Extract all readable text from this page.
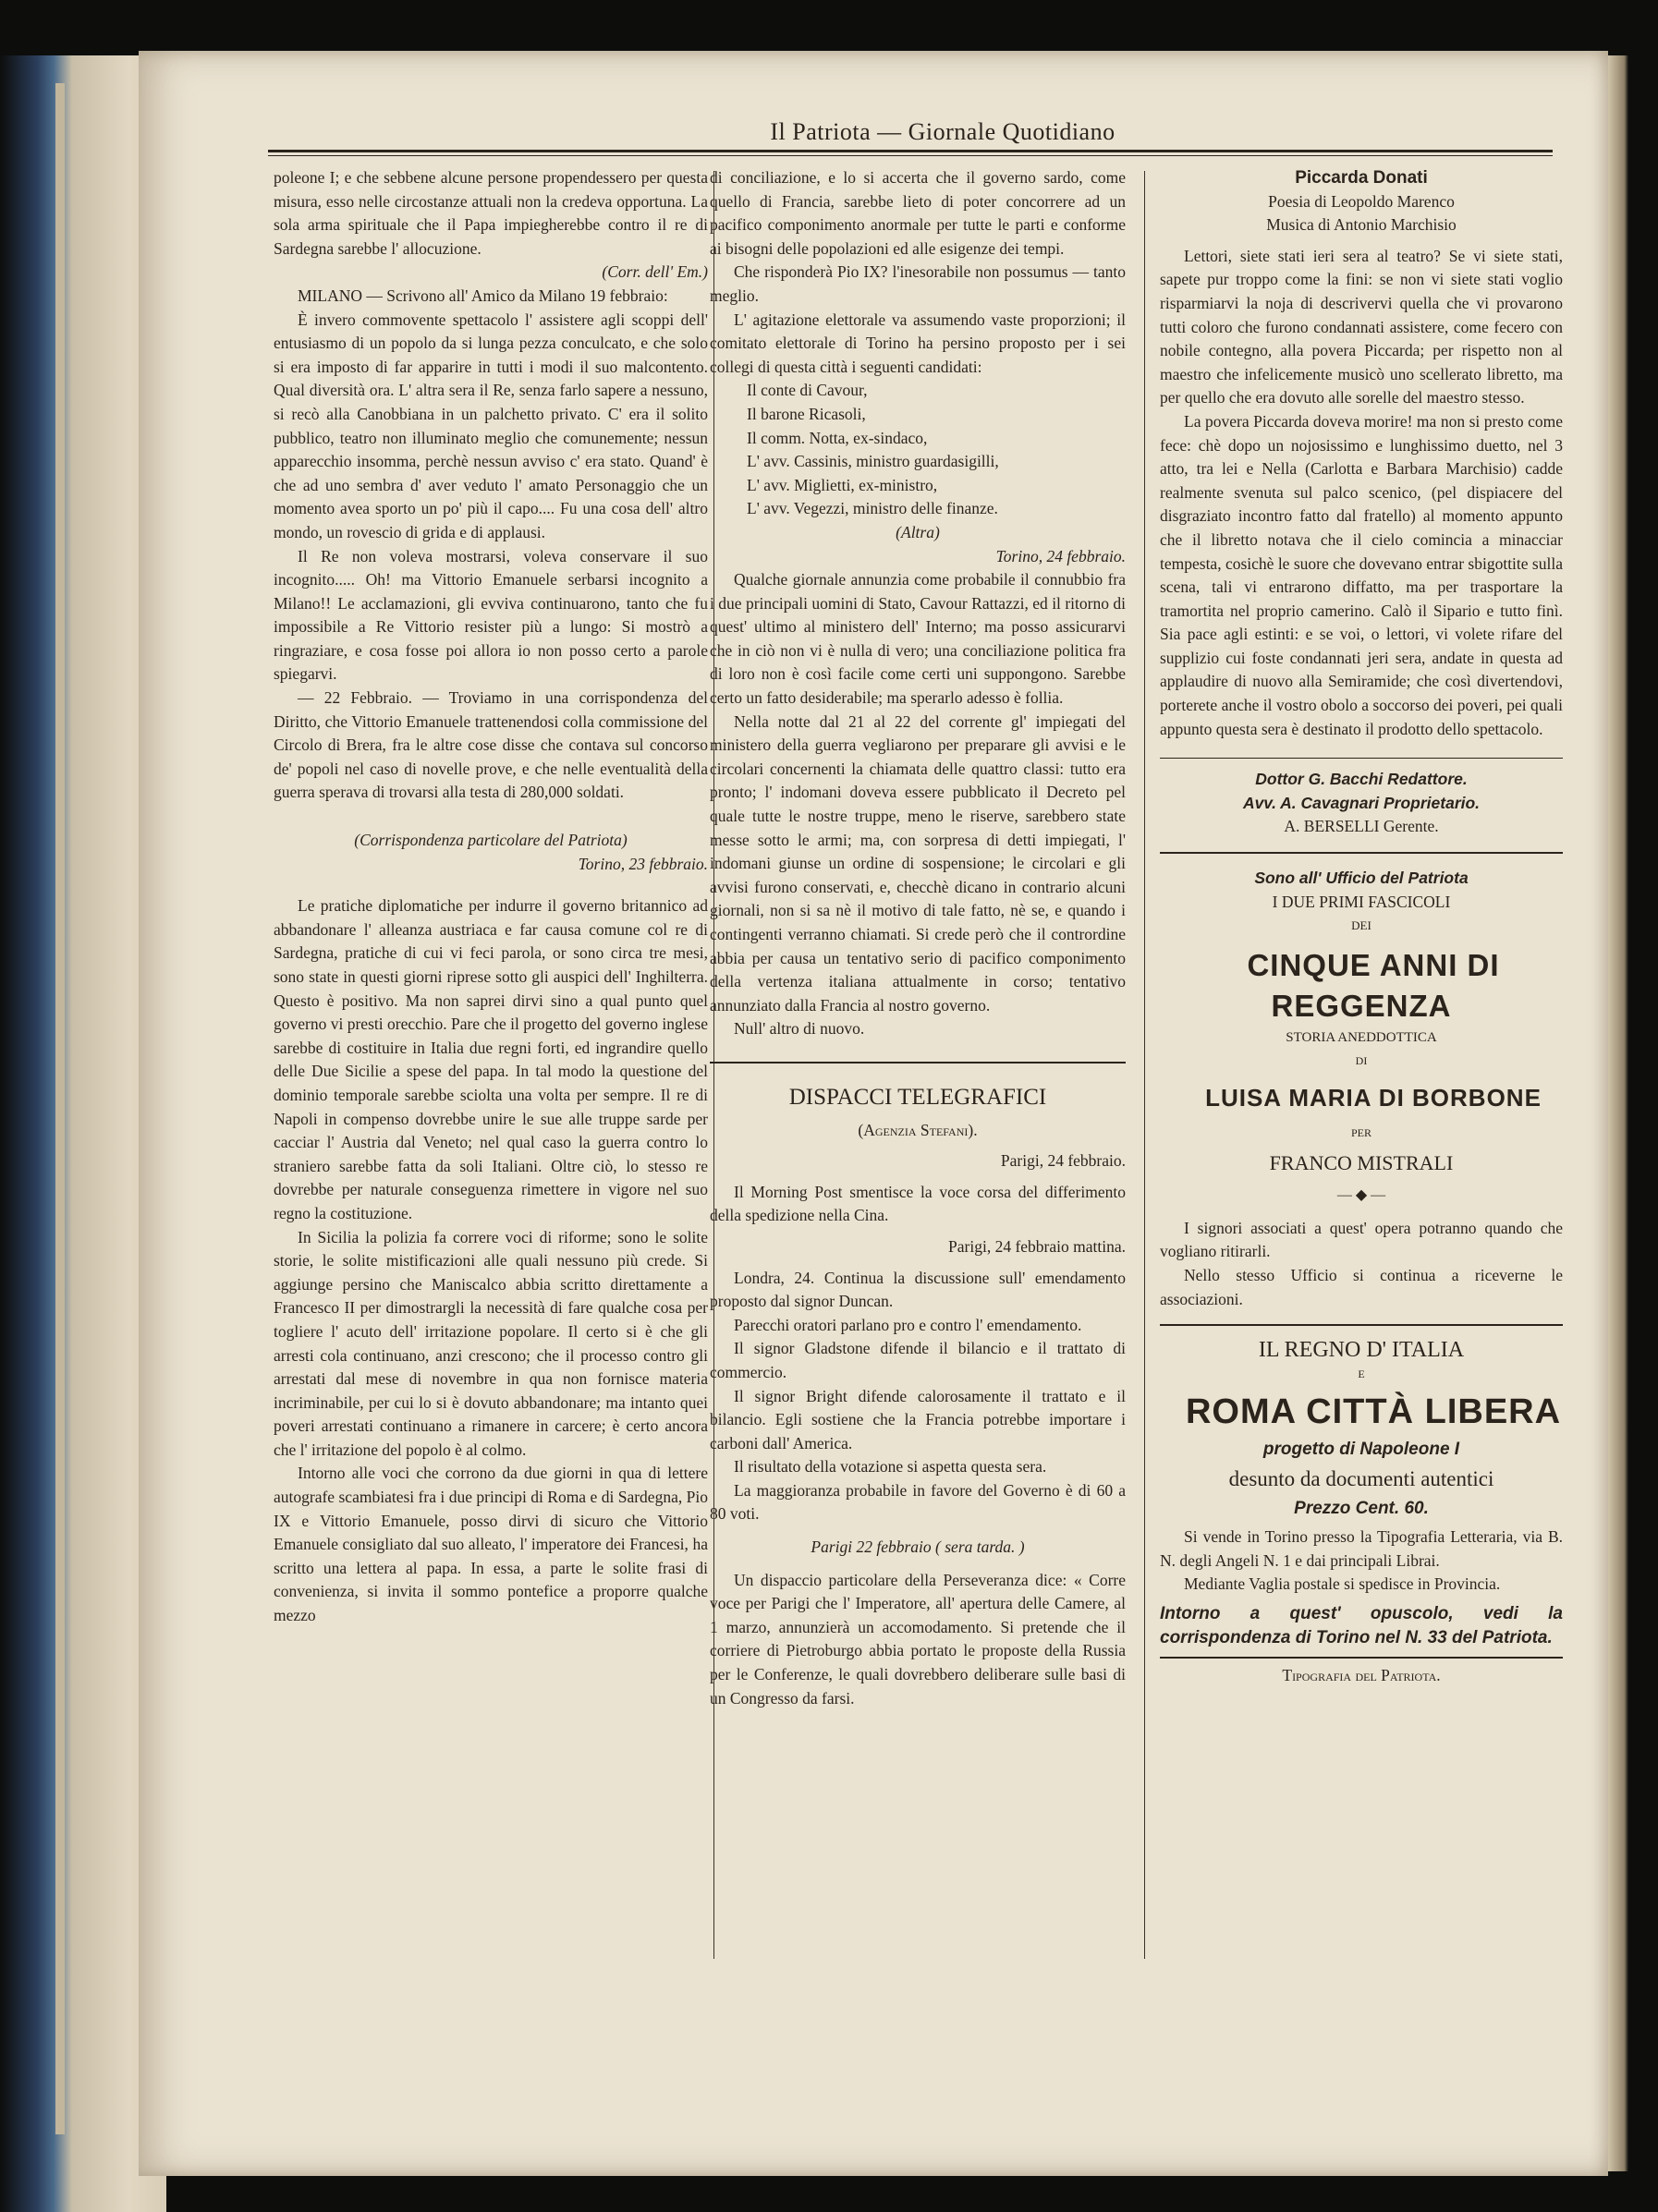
Il Patriota — Giornale Quotidiano

poleone I; e che sebbene alcune persone propendessero per questa misura, esso nelle circostanze attuali non la credeva opportuna. La sola arma spirituale che il Papa impiegherebbe contro il re di Sardegna sarebbe l' allocuzione.

(Corr. dell' Em.)

MILANO — Scrivono all' Amico da Milano 19 febbraio:

È invero commovente spettacolo l' assistere agli scoppi dell' entusiasmo di un popolo da si lunga pezza conculcato, e che solo si era imposto di far apparire in tutti i modi il suo malcontento. Qual diversità ora. L' altra sera il Re, senza farlo sapere a nessuno, si recò alla Canobbiana in un palchetto privato. C' era il solito pubblico, teatro non illuminato meglio che comunemente; nessun apparecchio insomma, perchè nessun avviso c' era stato. Quand' è che ad uno sembra d' aver veduto l' amato Personaggio che un momento avea sporto un po' più il capo.... Fu una cosa dell' altro mondo, un rovescio di grida e di applausi.

Il Re non voleva mostrarsi, voleva conservare il suo incognito..... Oh! ma Vittorio Emanuele serbarsi incognito a Milano!! Le acclamazioni, gli evviva continuarono, tanto che fu impossibile a Re Vittorio resister più a lungo: Si mostrò a ringraziare, e cosa fosse poi allora io non posso certo a parole spiegarvi.

— 22 Febbraio. — Troviamo in una corrispondenza del Diritto, che Vittorio Emanuele trattenendosi colla commissione del Circolo di Brera, fra le altre cose disse che contava sul concorso de' popoli nel caso di novelle prove, e che nelle eventualità della guerra sperava di trovarsi alla testa di 280,000 soldati.

(Corrispondenza particolare del Patriota)

Torino, 23 febbraio.

Le pratiche diplomatiche per indurre il governo britannico ad abbandonare l' alleanza austriaca e far causa comune col re di Sardegna, pratiche di cui vi feci parola, or sono circa tre mesi, sono state in questi giorni riprese sotto gli auspici dell' Inghilterra. Questo è positivo. Ma non saprei dirvi sino a qual punto quel governo vi presti orecchio. Pare che il progetto del governo inglese sarebbe di costituire in Italia due regni forti, ed ingrandire quello delle Due Sicilie a spese del papa. In tal modo la questione del dominio temporale sarebbe sciolta una volta per sempre. Il re di Napoli in compenso dovrebbe unire le sue alle truppe sarde per cacciar l' Austria dal Veneto; nel qual caso la guerra contro lo straniero sarebbe fatta da soli Italiani. Oltre ciò, lo stesso re dovrebbe per naturale conseguenza rimettere in vigore nel suo regno la costituzione.

In Sicilia la polizia fa correre voci di riforme; sono le solite storie, le solite mistificazioni alle quali nessuno più crede. Si aggiunge persino che Maniscalco abbia scritto direttamente a Francesco II per dimostrargli la necessità di fare qualche cosa per togliere l' acuto dell' irritazione popolare. Il certo si è che gli arresti cola continuano, anzi crescono; che il processo contro gli arrestati dal mese di novembre in qua non fornisce materia incriminabile, per cui lo si è dovuto abbandonare; ma intanto quei poveri arrestati continuano a rimanere in carcere; è certo ancora che l' irritazione del popolo è al colmo.

Intorno alle voci che corrono da due giorni in qua di lettere autografe scambiatesi fra i due principi di Roma e di Sardegna, Pio IX e Vittorio Emanuele, posso dirvi di sicuro che Vittorio Emanuele consigliato dal suo alleato, l' imperatore dei Francesi, ha scritto una lettera al papa. In essa, a parte le solite frasi di convenienza, si invita il sommo pontefice a proporre qualche mezzo

di conciliazione, e lo si accerta che il governo sardo, come quello di Francia, sarebbe lieto di poter concorrere ad un pacifico componimento anormale per tutte le parti e conforme ai bisogni delle popolazioni ed alle esigenze dei tempi.

Che risponderà Pio IX? l'inesorabile non possumus — tanto meglio.

L' agitazione elettorale va assumendo vaste proporzioni; il comitato elettorale di Torino ha persino proposto per i sei collegi di questa città i seguenti candidati:

Il conte di Cavour,
Il barone Ricasoli,
Il comm. Notta, ex-sindaco,
L' avv. Cassinis, ministro guardasigilli,
L' avv. Miglietti, ex-ministro,
L' avv. Vegezzi, ministro delle finanze.

(Altra)

Torino, 24 febbraio.

Qualche giornale annunzia come probabile il connubbio fra i due principali uomini di Stato, Cavour Rattazzi, ed il ritorno di quest' ultimo al ministero dell' Interno; ma posso assicurarvi che in ciò non vi è nulla di vero; una conciliazione politica fra di loro non è così facile come certi uni suppongono. Sarebbe certo un fatto desiderabile; ma sperarlo adesso è follia.

Nella notte dal 21 al 22 del corrente gl' impiegati del ministero della guerra vegliarono per preparare gli avvisi e le circolari concernenti la chiamata delle quattro classi: tutto era pronto; l' indomani doveva essere pubblicato il Decreto pel quale tutte le nostre truppe, meno le riserve, sarebbero state messe sotto le armi; ma, con sorpresa di detti impiegati, l' indomani giunse un ordine di sospensione; le circolari e gli avvisi furono conservati, e, checchè dicano in contrario alcuni giornali, non si sa nè il motivo di tale fatto, nè se, e quando i contingenti verranno chiamati. Si crede però che il contrordine abbia per causa un tentativo serio di pacifico componimento della vertenza italiana attualmente in corso; tentativo annunziato dalla Francia al nostro governo.

Null' altro di nuovo.

DISPACCI TELEGRAFICI

(Agenzia Stefani).

Parigi, 24 febbraio.

Il Morning Post smentisce la voce corsa del differimento della spedizione nella Cina.

Parigi, 24 febbraio mattina.

Londra, 24. Continua la discussione sull' emendamento proposto dal signor Duncan.

Parecchi oratori parlano pro e contro l' emendamento.

Il signor Gladstone difende il bilancio e il trattato di commercio.

Il signor Bright difende calorosamente il trattato e il bilancio. Egli sostiene che la Francia potrebbe importare i carboni dall' America.

Il risultato della votazione si aspetta questa sera.

La maggioranza probabile in favore del Governo è di 60 a 80 voti.

Parigi 22 febbraio ( sera tarda. )

Un dispaccio particolare della Perseveranza dice: « Corre voce per Parigi che l' Imperatore, all' apertura delle Camere, al 1 marzo, annunzierà un accomodamento. Si pretende che il corriere di Pietroburgo abbia portato le proposte della Russia per le Conferenze, le quali dovrebbero deliberare sulle basi di un Congresso da farsi.

Piccarda Donati

Poesia di Leopoldo Marenco

Musica di Antonio Marchisio

Lettori, siete stati ieri sera al teatro? Se vi siete stati, sapete pur troppo come la fini: se non vi siete stati voglio risparmiarvi la noja di descrivervi quella che vi provarono tutti coloro che furono condannati assistere, come fecero con nobile contegno, alla povera Piccarda; per rispetto non al maestro che infelicemente musicò uno scellerato libretto, ma per quello che era dovuto alle sorelle del maestro stesso.

La povera Piccarda doveva morire! ma non si presto come fece: chè dopo un nojosissimo e lunghissimo duetto, nel 3 atto, tra lei e Nella (Carlotta e Barbara Marchisio) cadde realmente svenuta sul palco scenico, (pel dispiacere del disgraziato incontro fatto dal fratello) al momento appunto che il libretto notava che il cielo comincia a minacciar tempesta, cosichè le suore che dovevano entrar sbigottite sulla scena, tali vi entrarono diffatto, ma per trasportare la tramortita nel proprio camerino. Calò il Sipario e tutto finì. Sia pace agli estinti: e se voi, o lettori, vi volete rifare del supplizio cui foste condannati jeri sera, andate in questa ad applaudire di nuovo alla Semiramide; che così divertendovi, porterete anche il vostro obolo a soccorso dei poveri, pei quali appunto questa sera è destinato il prodotto dello spettacolo.

Dottor G. Bacchi Redattore.

Avv. A. Cavagnari Proprietario.

A. BERSELLI Gerente.

Sono all' Ufficio del Patriota

I DUE PRIMI FASCICOLI

DEI

CINQUE ANNI DI REGGENZA

STORIA ANEDDOTTICA

DI

LUISA MARIA DI BORBONE

PER

FRANCO MISTRALI

— ◆ —

I signori associati a quest' opera potranno quando che vogliano ritirarli.

Nello stesso Ufficio si continua a riceverne le associazioni.

IL REGNO D' ITALIA

E

ROMA CITTÀ LIBERA

progetto di Napoleone I

desunto da documenti autentici

Prezzo Cent. 60.

Si vende in Torino presso la Tipografia Letteraria, via B. N. degli Angeli N. 1 e dai principali Librai.

Mediante Vaglia postale si spedisce in Provincia.

Intorno a quest' opuscolo, vedi la corrispondenza di Torino nel N. 33 del Patriota.

Tipografia del Patriota.
